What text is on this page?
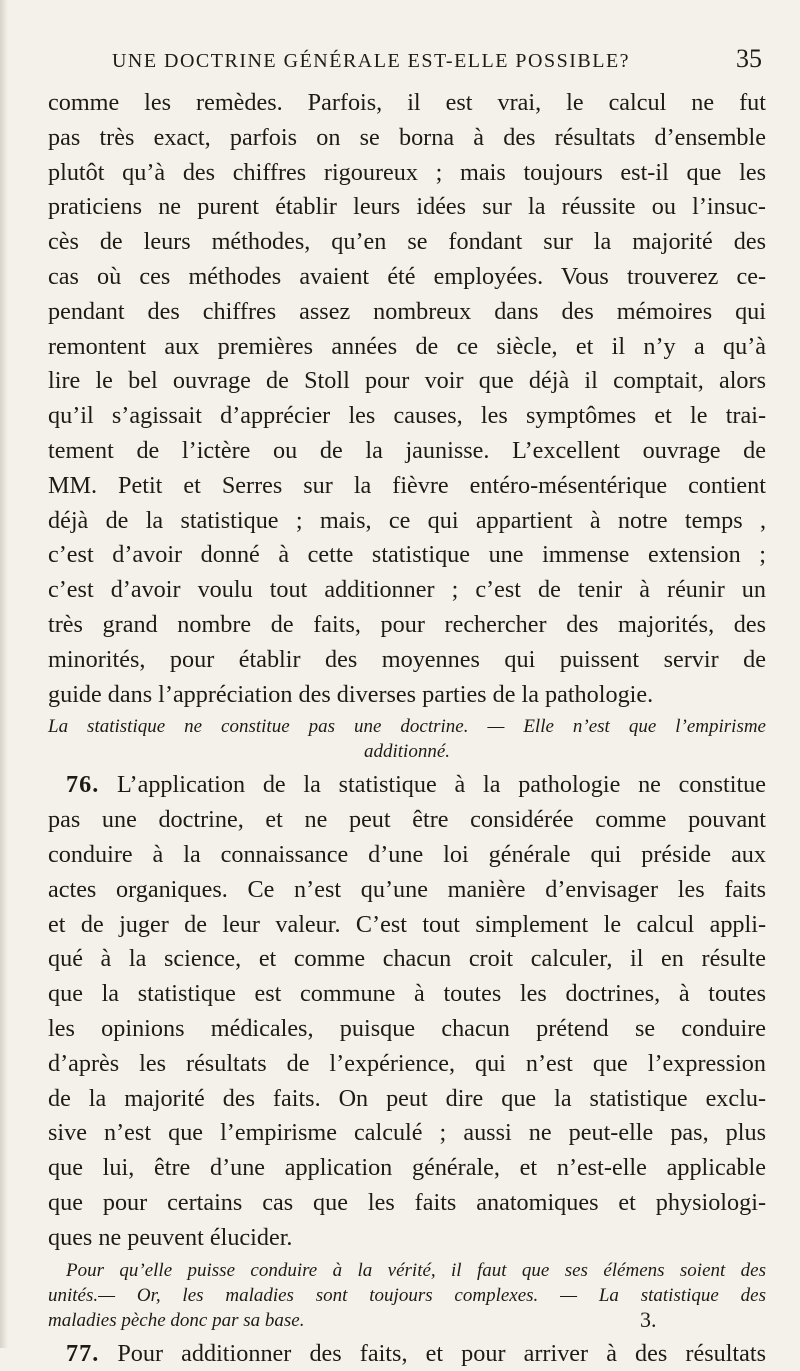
UNE DOCTRINE GÉNÉRALE EST-ELLE POSSIBLE?	35

comme les remèdes. Parfois, il est vrai, le calcul ne fut
pas très exact, parfois on se borna à des résultats d’ensemble
plutôt qu’à des chiffres rigoureux ; mais toujours est-il que les
praticiens ne purent établir leurs idées sur la réussite ou l’insuc-
cès de leurs méthodes, qu’en se fondant sur la majorité des
cas où ces méthodes avaient été employées. Vous trouverez ce-
pendant des chiffres assez nombreux dans des mémoires qui
remontent aux premières années de ce siècle, et il n’y a qu’à
lire le bel ouvrage de Stoll pour voir que déjà il comptait, alors
qu’il s’agissait d’apprécier les causes, les symptômes et le trai-
tement de l’ictère ou de la jaunisse. L’excellent ouvrage de
MM. Petit et Serres sur la fièvre entéro-mésentérique contient
déjà de la statistique ; mais, ce qui appartient à notre temps ,
c’est d’avoir donné à cette statistique une immense extension ;
c’est d’avoir voulu tout additionner ; c’est de tenir à réunir un
très grand nombre de faits, pour rechercher des majorités, des
minorités, pour établir des moyennes qui puissent servir de
guide dans l’appréciation des diverses parties de la pathologie.

La statistique ne constitue pas une doctrine. — Elle n’est que l’empirisme
additionné.

76. L’application de la statistique à la pathologie ne constitue
pas une doctrine, et ne peut être considérée comme pouvant
conduire à la connaissance d’une loi générale qui préside aux
actes organiques. Ce n’est qu’une manière d’envisager les faits
et de juger de leur valeur. C’est tout simplement le calcul appli-
qué à la science, et comme chacun croit calculer, il en résulte
que la statistique est commune à toutes les doctrines, à toutes
les opinions médicales, puisque chacun prétend se conduire
d’après les résultats de l’expérience, qui n’est que l’expression
de la majorité des faits. On peut dire que la statistique exclu-
sive n’est que l’empirisme calculé ; aussi ne peut-elle pas, plus
que lui, être d’une application générale, et n’est-elle applicable
que pour certains cas que les faits anatomiques et physiologi-
ques ne peuvent élucider.

Pour qu’elle puisse conduire à la vérité, il faut que ses élémens soient des
unités.— Or, les maladies sont toujours complexes. — La statistique des
maladies pèche donc par sa base.

77. Pour additionner des faits, et pour arriver à des résultats

3.
